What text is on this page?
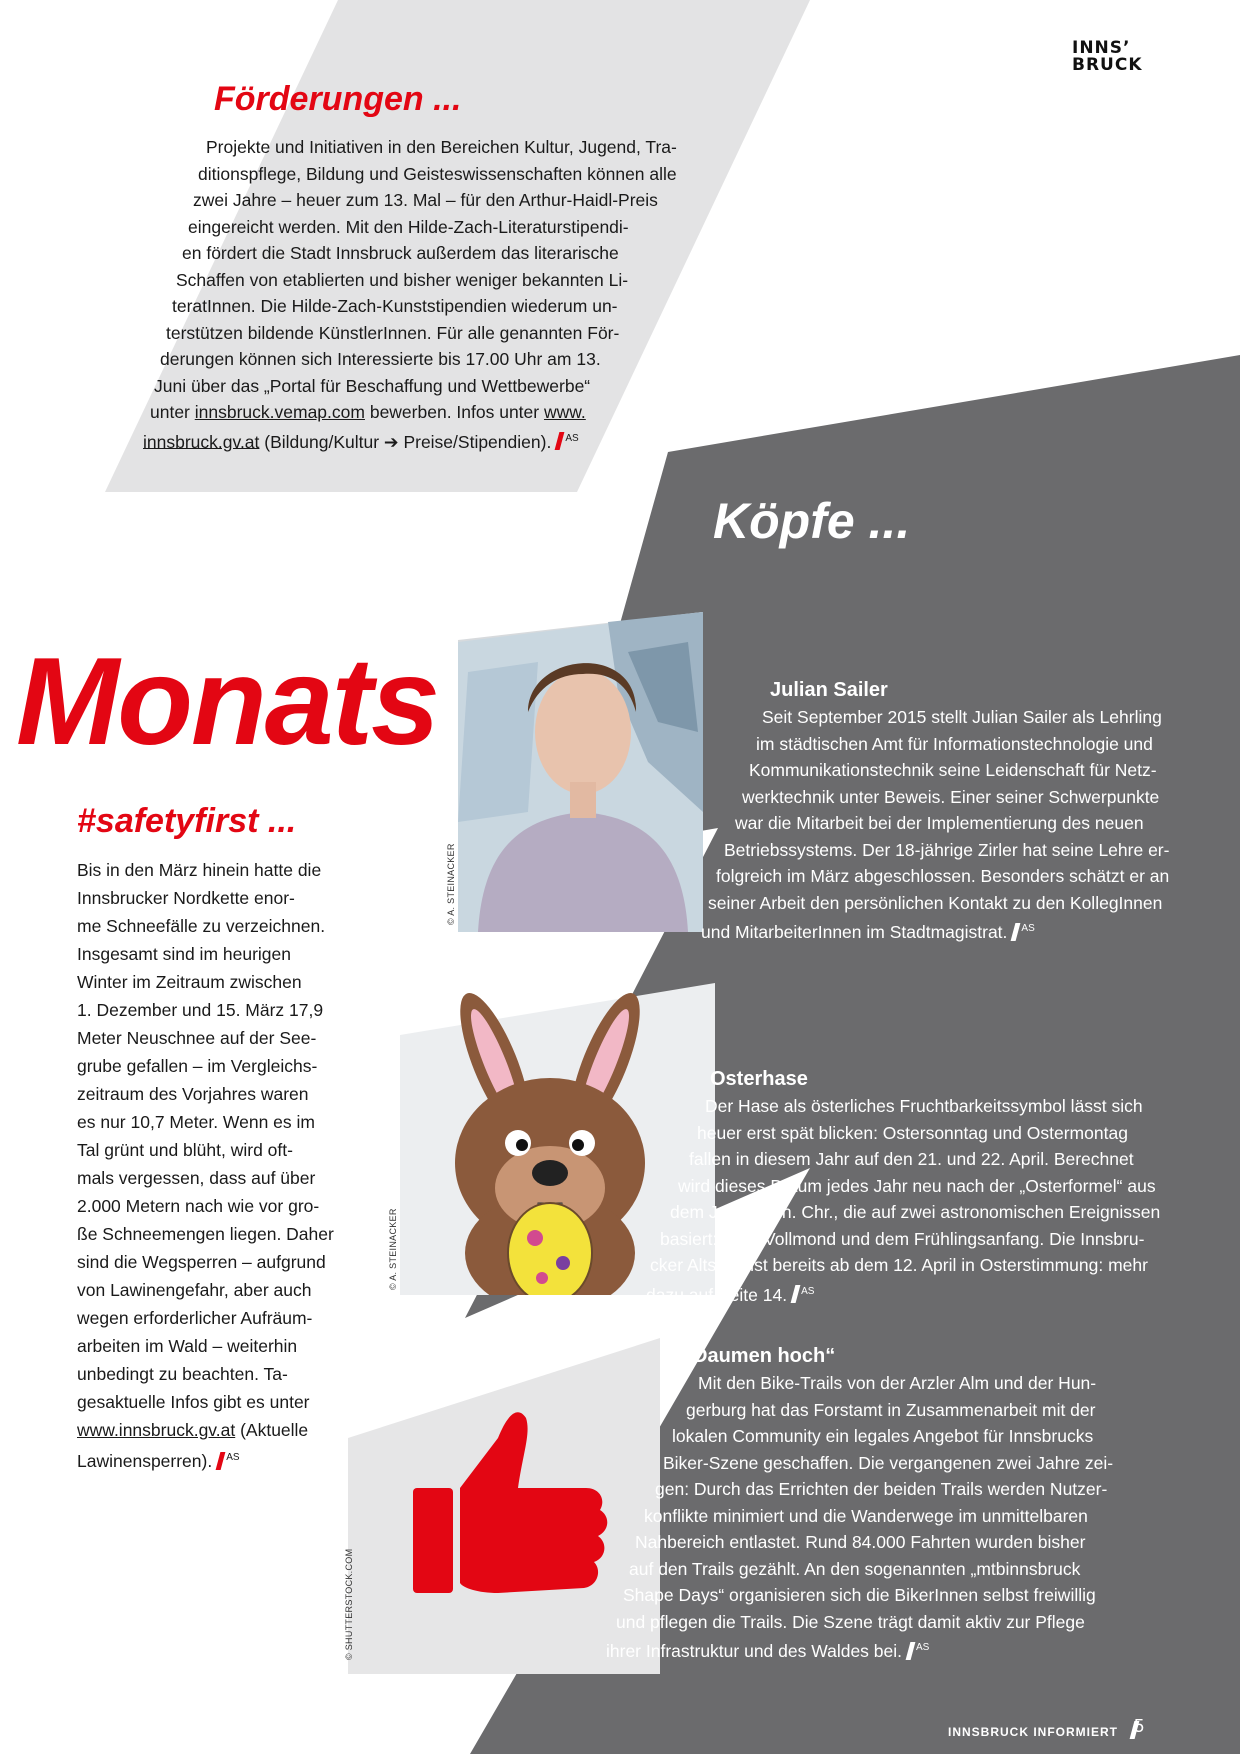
© A. STEINACKER
© A. STEINACKER
© SHUTTERSTOCK.COM
INNS’
BRUCK
Förderungen ...
Projekte und Initiativen in den Bereichen Kultur, Jugend, Tra-
ditionspflege, Bildung und Geisteswissenschaften können alle
zwei Jahre – heuer zum 13. Mal – für den Arthur-Haidl-Preis
eingereicht werden. Mit den Hilde-Zach-Literaturstipendi-
en fördert die Stadt Innsbruck außerdem das literarische
Schaffen von etablierten und bisher weniger bekannten Li-
teratInnen. Die Hilde-Zach-Kunststipendien wiederum un-
terstützen bildende KünstlerInnen. Für alle genannten För-
derungen können sich Interessierte bis 17.00 Uhr am 13.
Juni über das „Portal für Beschaffung und Wettbewerbe“
unter innsbruck.vemap.com bewerben. Infos unter www.
innsbruck.gv.at (Bildung/Kultur ➔ Preise/Stipendien). $^{AS}$
Köpfe ...
Monats
#safetyfirst ...
Bis in den März hinein hatte die
Innsbrucker Nordkette enor-
me Schneefälle zu verzeichnen.
Insgesamt sind im heurigen
Winter im Zeitraum zwischen
1. Dezember und 15. März 17,9
Meter Neuschnee auf der See-
grube gefallen – im Vergleichs-
zeitraum des Vorjahres waren
es nur 10,7 Meter. Wenn es im
Tal grünt und blüht, wird oft-
mals vergessen, dass auf über
2.000 Metern nach wie vor gro-
ße Schneemengen liegen. Daher
sind die Wegsperren – aufgrund
von Lawinengefahr, aber auch
wegen erforderlicher Aufräum-
arbeiten im Wald – weiterhin
unbedingt zu beachten. Ta-
gesaktuelle Infos gibt es unter
www.innsbruck.gv.at (Aktuelle
Lawinensperren). $^{AS}$
Julian Sailer
Seit September 2015 stellt Julian Sailer als Lehrling
im städtischen Amt für Informationstechnologie und
Kommunikationstechnik seine Leidenschaft für Netz-
werktechnik unter Beweis. Einer seiner Schwerpunkte
war die Mitarbeit bei der Implementierung des neuen
Betriebssystems. Der 18-jährige Zirler hat seine Lehre er-
folgreich im März abgeschlossen. Besonders schätzt er an
seiner Arbeit den persönlichen Kontakt zu den KollegInnen
und MitarbeiterInnen im Stadtmagistrat. $^{AS}$
Osterhase
Der Hase als österliches Fruchtbarkeitssymbol lässt sich
heuer erst spät blicken: Ostersonntag und Ostermontag
fallen in diesem Jahr auf den 21. und 22. April. Berechnet
wird dieses Datum jedes Jahr neu nach der „Osterformel“ aus
dem Jahr 325 n. Chr., die auf zwei astronomischen Ereignissen
basiert: Dem Vollmond und dem Frühlingsanfang. Die Innsbru-
cker Altstadt ist bereits ab dem 12. April in Osterstimmung: mehr
dazu auf Seite 14. $^{AS}$
„Daumen hoch“
Mit den Bike-Trails von der Arzler Alm und der Hun-
gerburg hat das Forstamt in Zusammenarbeit mit der
lokalen Community ein legales Angebot für Innsbrucks
Biker-Szene geschaffen. Die vergangenen zwei Jahre zei-
gen: Durch das Errichten der beiden Trails werden Nutzer-
konflikte minimiert und die Wanderwege im unmittelbaren
Nahbereich entlastet. Rund 84.000 Fahrten wurden bisher
auf den Trails gezählt. An den sogenannten „mtbinnsbruck
Shape Days“ organisieren sich die BikerInnen selbst freiwillig
und pflegen die Trails. Die Szene trägt damit aktiv zur Pflege
ihrer Infrastruktur und des Waldes bei. $^{AS}$
INNSBRUCK INFORMIERT 5
